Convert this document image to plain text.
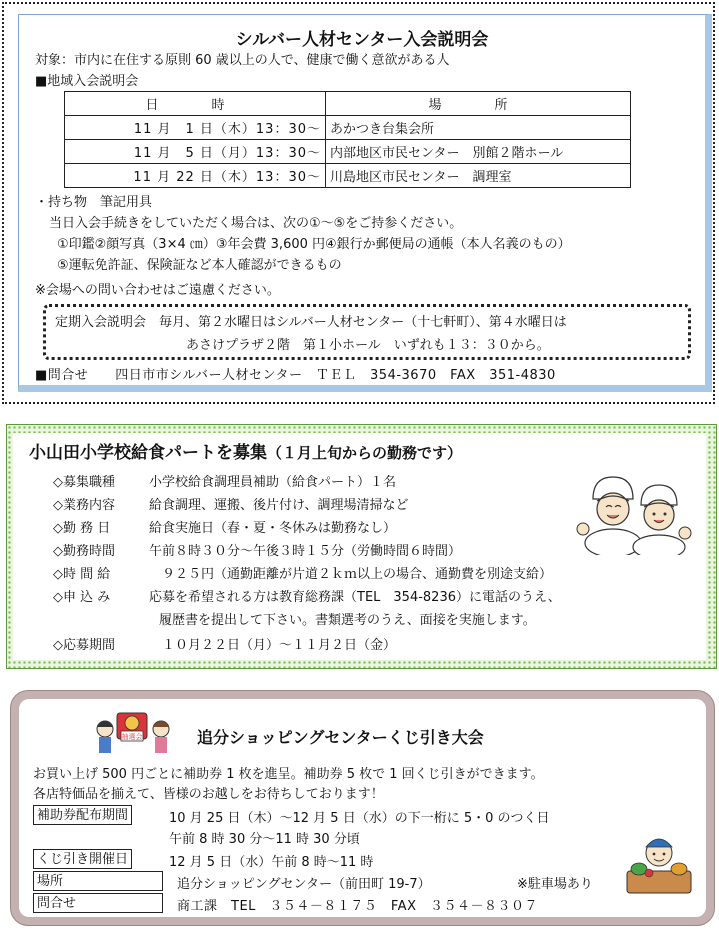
シルバー人材センター入会説明会
対象：市内に在住する原則 60 歳以上の人で、健康で働く意欲がある人
■地域入会説明会
日　時	場　所
11 月　1 日（木）13：30～	あかつき台集会所
11 月　5 日（月）13：30～	内部地区市民センター　別館２階ホール
11 月 22 日（木）13：30～	川島地区市民センター　調理室
・持ち物　筆記用具
当日入会手続きをしていただく場合は、次の①～⑤をご持参ください。
①印鑑②顔写真（3×4 ㎝）③年会費 3,600 円④銀行か郵便局の通帳（本人名義のもの）
⑤運転免許証、保険証など本人確認ができるもの
※会場への問い合わせはご遠慮ください。
定期入会説明会　毎月、第２水曜日はシルバー人材センター（十七軒町）、第４水曜日は
あさけプラザ２階　第１小ホール　いずれも１３：３０から。
■問合せ　　四日市市シルバー人材センター　ＴＥＬ　354-3670　FAX　351-4830
小山田小学校給食パートを募集（１月上旬からの勤務です）
◇募集職種	小学校給食調理員補助（給食パート）１名
◇業務内容	給食調理、運搬、後片付け、調理場清掃など
◇勤 務 日	給食実施日（春・夏・冬休みは勤務なし）
◇勤務時間	午前８時３０分～午後３時１５分（労働時間６時間）
◇時 間 給	　９２５円（通勤距離が片道２ｋｍ以上の場合、通勤費を別途支給）
◇申 込 み	応募を希望される方は教育総務課（TEL　354-8236）に電話のうえ、
履歴書を提出して下さい。書類選考のうえ、面接を実施します。
◇応募期間	　１０月２２日（月）～１１月２日（金）
抽選会	追分ショッピングセンターくじ引き大会
お買い上げ 500 円ごとに補助券 1 枚を進呈。補助券 5 枚で 1 回くじ引きができます。
各店特価品を揃えて、皆様のお越しをお待ちしております！
補助券配布期間	10 月 25 日（木）～12 月 5 日（水）の下一桁に 5・0 のつく日
午前 8 時 30 分～11 時 30 分頃
くじ引き開催日	12 月 5 日（水）午前 8 時～11 時
場所	追分ショッピングセンター（前田町 19-7）	※駐車場あり
問合せ	商工課　TEL　３５４－８１７５　FAX　３５４－８３０７
